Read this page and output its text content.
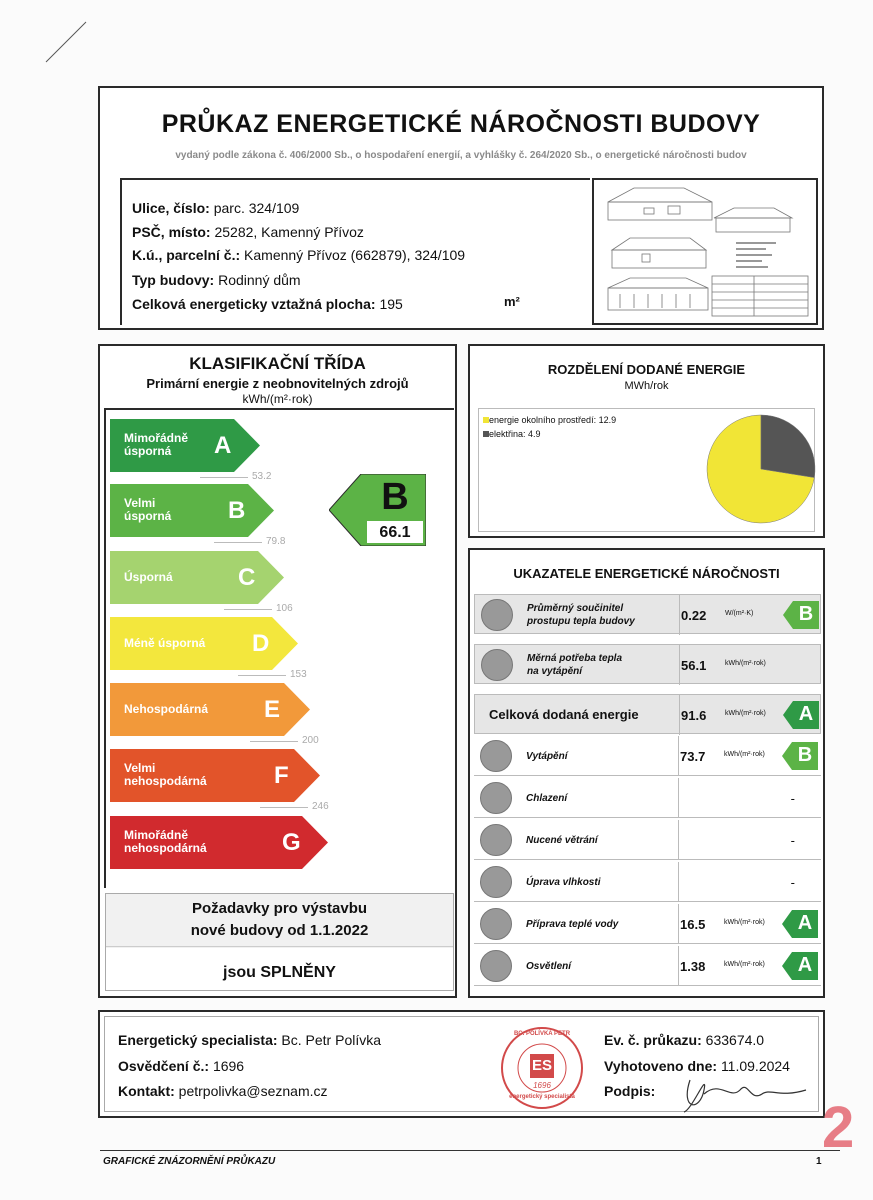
PRŮKAZ ENERGETICKÉ NÁROČNOSTI BUDOVY
vydaný podle zákona č. 406/2000 Sb., o hospodaření energií, a vyhlášky č. 264/2020 Sb., o energetické náročnosti budov
Ulice, číslo: parc. 324/109
PSČ, místo: 25282, Kamenný Přívoz
K.ú., parcelní č.: Kamenný Přívoz (662879), 324/109
Typ budovy: Rodinný dům
Celková energeticky vztažná plocha: 195	m²
KLASIFIKAČNÍ TŘÍDA
Primární energie z neobnovitelných zdrojů
kWh/(m²·rok)
Mimořádně
úsporná	A
53.2
Velmi
úsporná B
79.8
Úsporná	C
106
Méně úsporná D
153
Nehospodárná E
200
Velmi
nehospodárná	F
246
Mimořádně
nehospodárná	G
B
66.1
Požadavky pro výstavbu
nové budovy od 1.1.2022
jsou SPLNĚNY
ROZDĚLENÍ DODANÉ ENERGIE
MWh/rok
energie okolního prostředí: 12.9
elektřina: 4.9
UKAZATELE ENERGETICKÉ NÁROČNOSTI
Průměrný součinitel
prostupu tepla budovy	0.22	W/(m²·K) B
Měrná potřeba tepla
na vytápění	56.1	kWh/(m²·rok)
Celková dodaná energie	91.6	kWh/(m²·rok) A
Vytápění	73.7	kWh/(m²·rok) B
Chlazení	-
Nucené větrání	-
Úprava vlhkosti	-
Příprava teplé vody	16.5	kWh/(m²·rok) A
Osvětlení	1.38	kWh/(m²·rok) A
Energetický specialista: Bc. Petr Polívka
Osvědčení č.: 1696
Kontakt: petrpolivka@seznam.cz
BC. POLÍVKA PETR
ES
1696
energetický specialista
Ev. č. průkazu: 633674.0
Vyhotoveno dne: 11.09.2024
Podpis:
GRAFICKÉ ZNÁZORNĚNÍ PRŮKAZU	1
2
